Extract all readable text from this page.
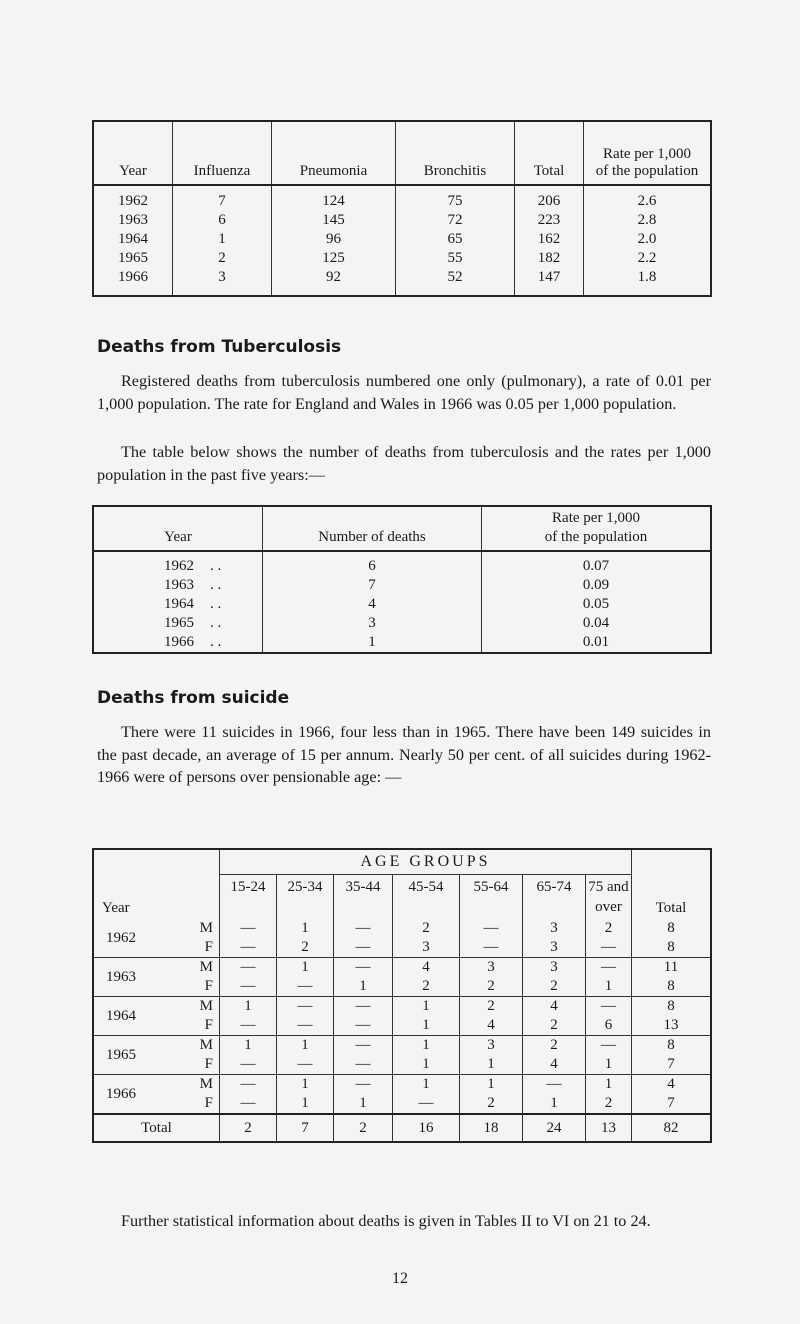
Year	Influenza	Pneumonia	Bronchitis	Total	Rate per 1,000
of the population
1962	7	124	75	206	2.6
1963	6	145	72	223	2.8
1964	1	96	65	162	2.0
1965	2	125	55	182	2.2
1966	3	92	52	147	1.8
Deaths from Tuberculosis

Registered deaths from tuberculosis numbered one only (pulmonary), a rate of 0.01 per 1,000 population. The rate for England and Wales in 1966 was 0.05 per 1,000 population.

The table below shows the number of deaths from tuberculosis and the rates per 1,000 population in the past five years:—

Year	Number of deaths	Rate per 1,000
of the population
1962 . .	6	0.07
1963 . .	7	0.09
1964 . .	4	0.05
1965 . .	3	0.04
1966 . .	1	0.01
Deaths from suicide

There were 11 suicides in 1966, four less than in 1965. There have been 149 suicides in the past decade, an average of 15 per annum. Nearly 50 per cent. of all suicides during 1962-1966 were of persons over pensionable age: —

Year		AGE GROUPS							Total
		15-24	25-34	35-44	45-54	55-64	65-74	75 and
over	
1962	M	—	1	—	2	—	3	2	8
	F	—	2	—	3	—	3	—	8
1963	M	—	1	—	4	3	3	—	11
	F	—	—	1	2	2	2	1	8
1964	M	1	—	—	1	2	4	—	8
	F	—	—	—	1	4	2	6	13
1965	M	1	1	—	1	3	2	—	8
	F	—	—	—	1	1	4	1	7
1966	M	—	1	—	1	1	—	1	4
	F	—	1	1	—	2	1	2	7
Total		2	7	2	16	18	24	13	82

Further statistical information about deaths is given in Tables II to VI on 21 to 24.

12
